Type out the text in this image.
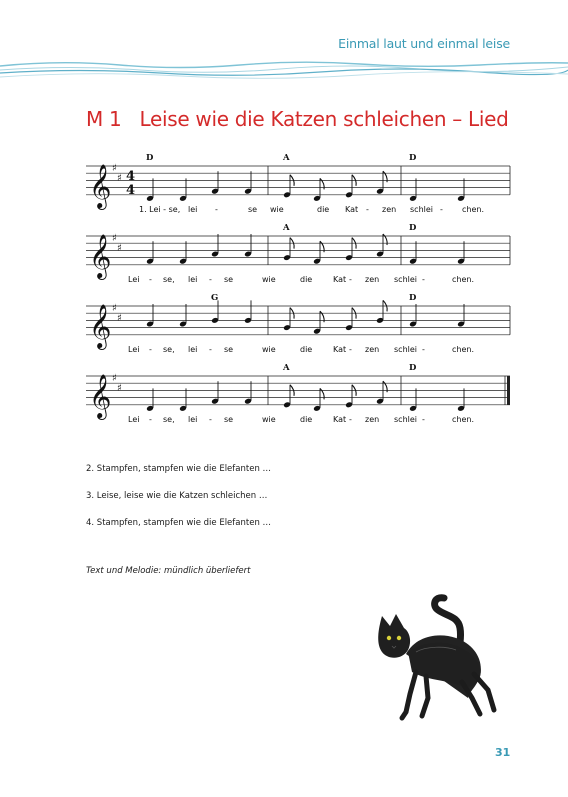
Einmal laut und einmal leise
M 1 Leise wie die Katzen schleichen – Lied
𝄞 ♯
♯ 4
4
D	A	D
1. Lei - se, lei -	se wie	die Kat - zen schlei - chen.
𝄞 ♯
♯
A	D
Lei - se, lei - se	wie	die	Kat - zen schlei -	chen.
𝄞 ♯
♯
G	D
Lei - se, lei - se	wie	die	Kat - zen schlei -	chen.
𝄞 ♯
♯
A	D
Lei - se, lei - se	wie	die	Kat - zen schlei -	chen.
2. Stampfen, stampfen wie die Elefanten …
3. Leise, leise wie die Katzen schleichen …
4. Stampfen, stampfen wie die Elefanten …
Text und Melodie: mündlich überliefert
31
